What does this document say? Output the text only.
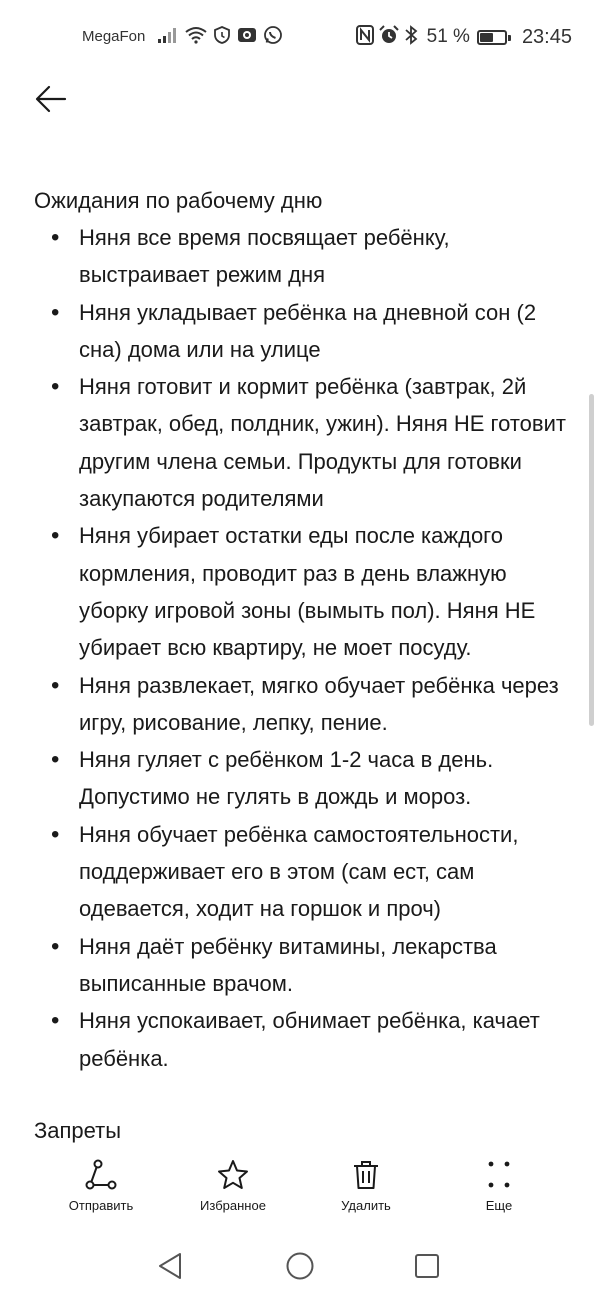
MegaFon	51 %	23:45
Ожидания по рабочему дню
• Няня все время посвящает ребёнку, выстраивает режим дня
• Няня укладывает ребёнка на дневной сон (2 сна) дома или на улице
• Няня готовит и кормит ребёнка (завтрак, 2й завтрак, обед, полдник, ужин). Няня НЕ готовит другим члена семьи. Продукты для готовки закупаются родителями
• Няня убирает остатки еды после каждого кормления, проводит раз в день влажную уборку игровой зоны (вымыть пол). Няня НЕ убирает всю квартиру, не моет посуду.
• Няня развлекает, мягко обучает ребёнка через игру, рисование, лепку, пение.
• Няня гуляет с ребёнком 1-2 часа в день. Допустимо не гулять в дождь и мороз.
• Няня обучает ребёнка самостоятельности, поддерживает его в этом (сам ест, сам одевается, ходит на горшок и проч)
• Няня даёт ребёнку витамины, лекарства выписанные врачом.
• Няня успокаивает, обнимает ребёнка, качает ребёнка.
Запреты
Отправить	Избранное	Удалить	Еще
